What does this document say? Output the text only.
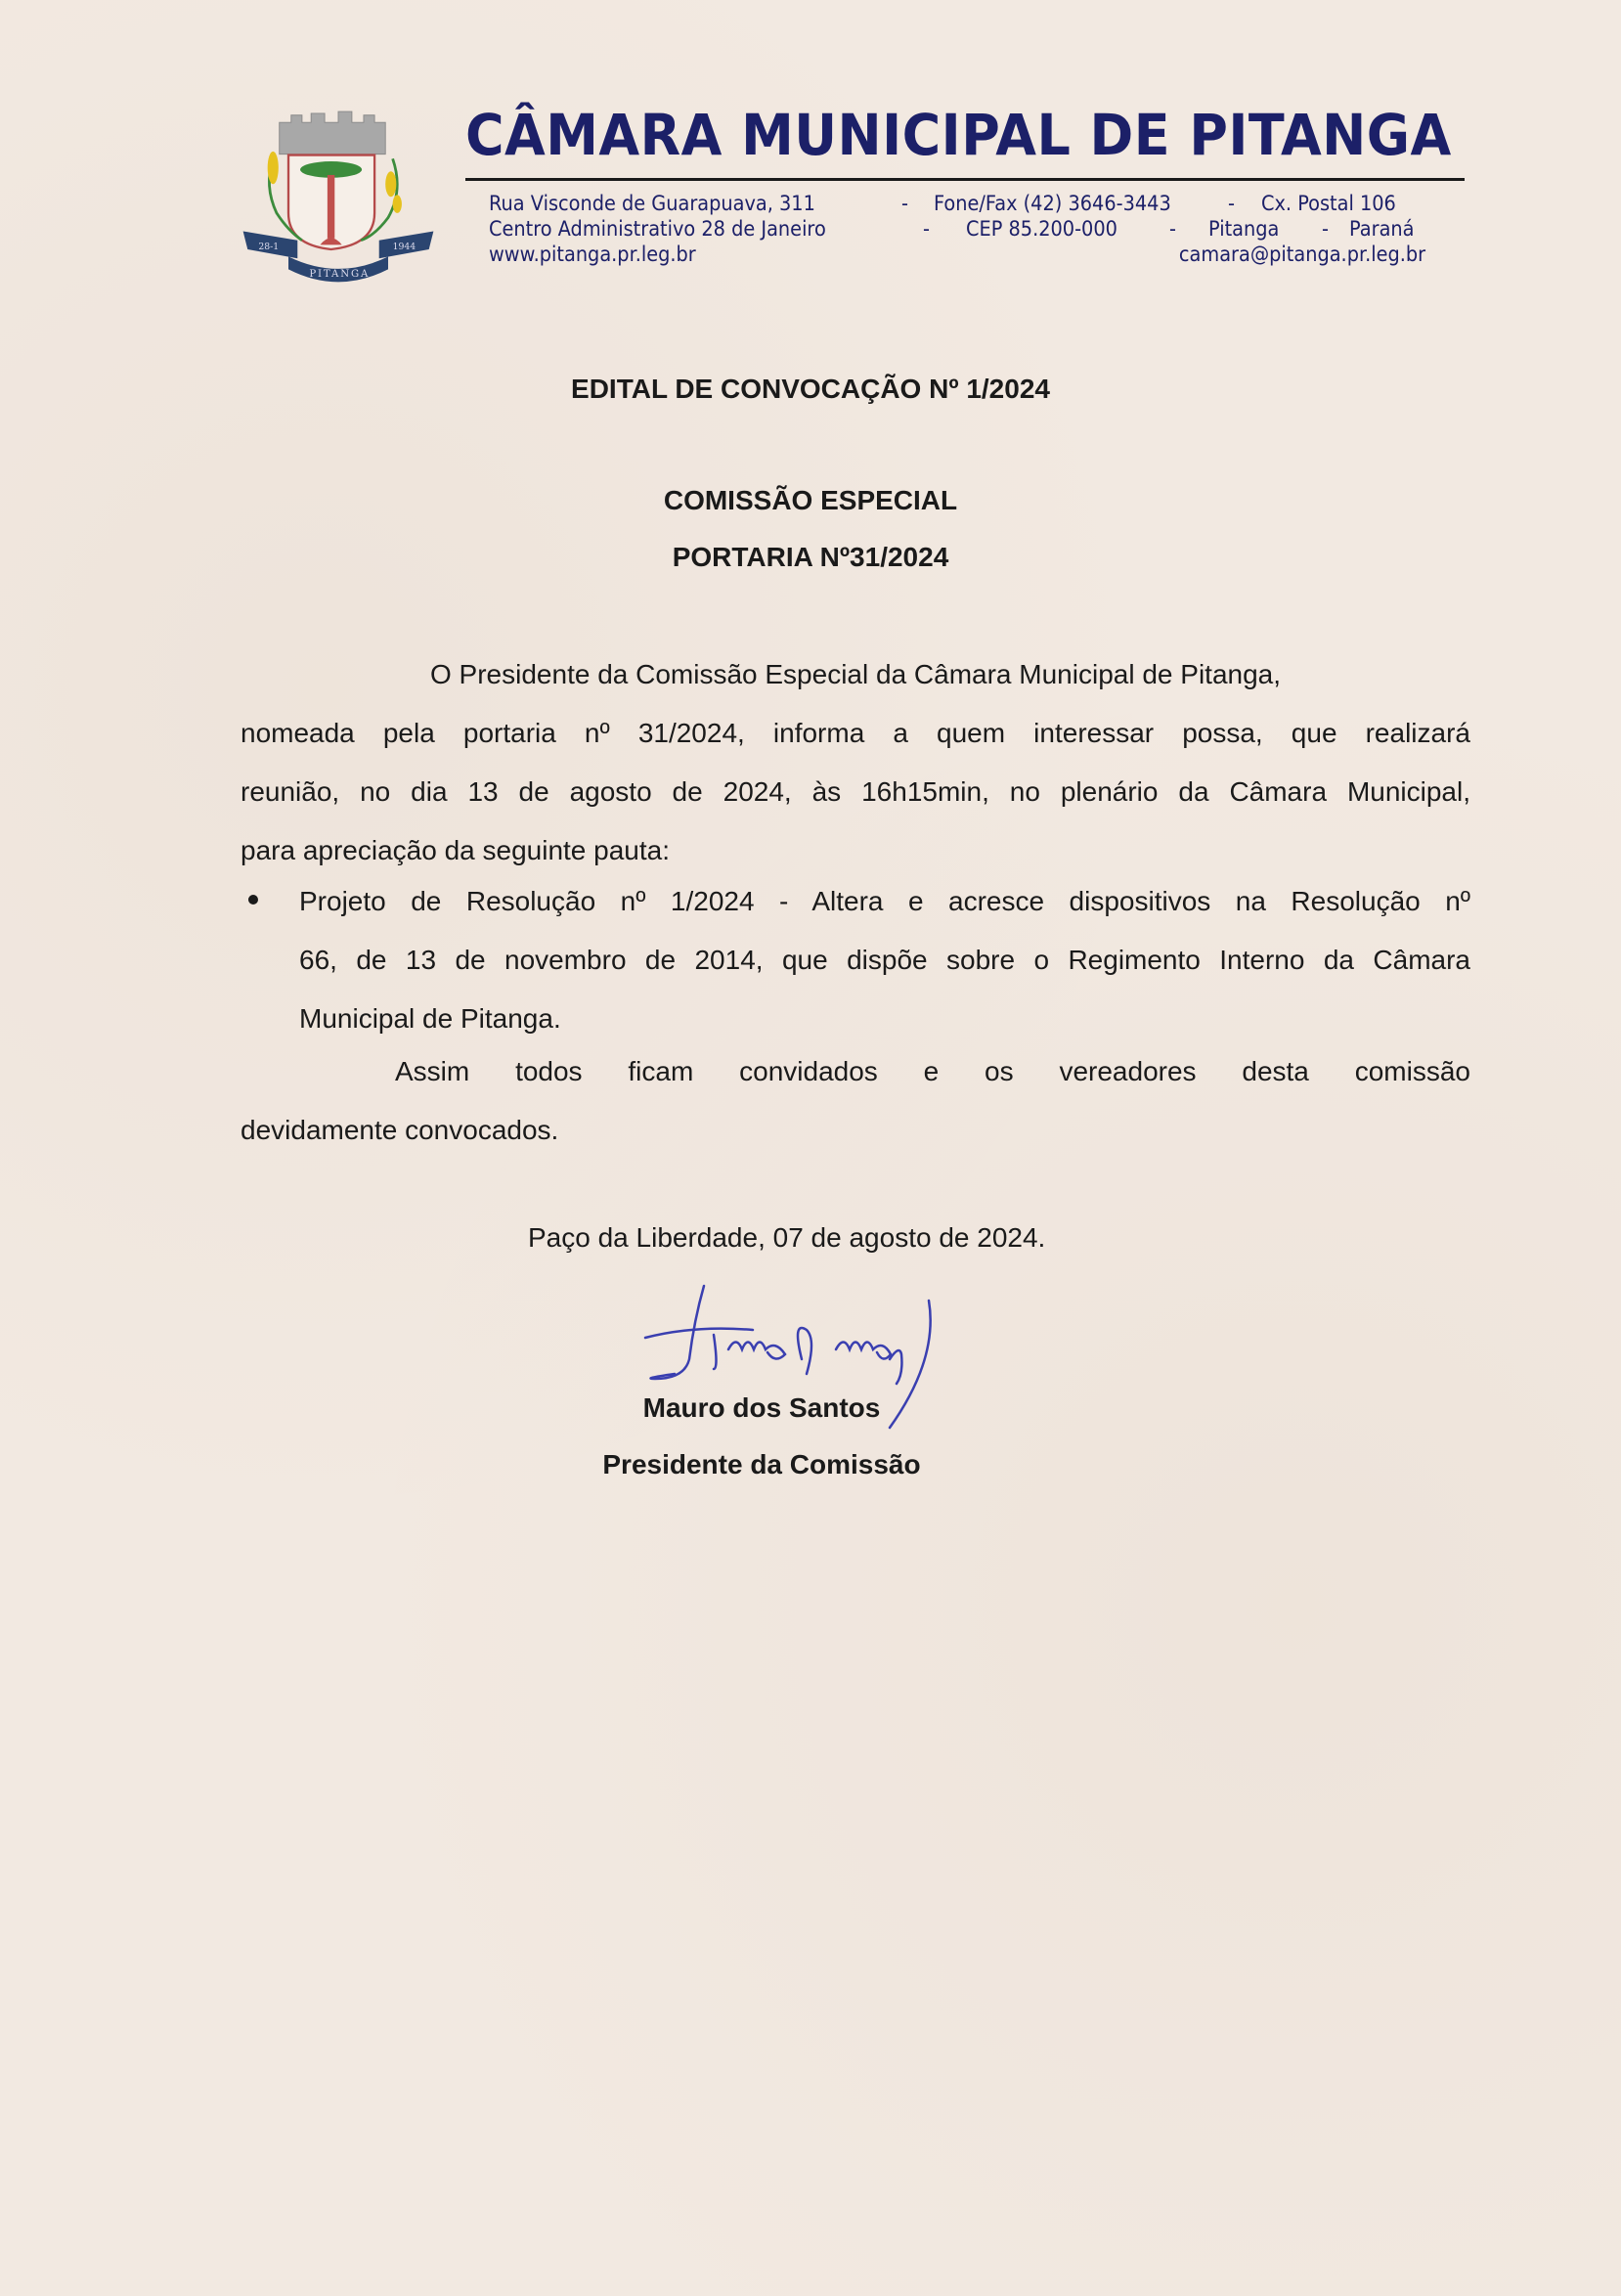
28-1	1944
PITANGA
CÂMARA MUNICIPAL DE PITANGA
Rua Visconde de Guarapuava, 311	- Fone/Fax (42) 3646-3443	- Cx. Postal 106
Centro Administrativo 28 de Janeiro	- CEP 85.200-000	- Pitanga - Paraná
www.pitanga.pr.leg.br	camara@pitanga.pr.leg.br
EDITAL DE CONVOCAÇÃO Nº 1/2024
COMISSÃO ESPECIAL
PORTARIA Nº31/2024
O Presidente da Comissão Especial da Câmara Municipal de Pitanga,
nomeada pela portaria nº 31/2024, informa a quem interessar possa, que realizará
reunião, no dia 13 de agosto de 2024, às 16h15min, no plenário da Câmara Municipal,
para apreciação da seguinte pauta:
Projeto de Resolução nº 1/2024 - Altera e acresce dispositivos na Resolução nº
66, de 13 de novembro de 2014, que dispõe sobre o Regimento Interno da Câmara
Municipal de Pitanga.
Assim todos ficam convidados e os vereadores desta comissão
devidamente convocados.
Paço da Liberdade, 07 de agosto de 2024.
Mauro dos Santos
Presidente da Comissão
